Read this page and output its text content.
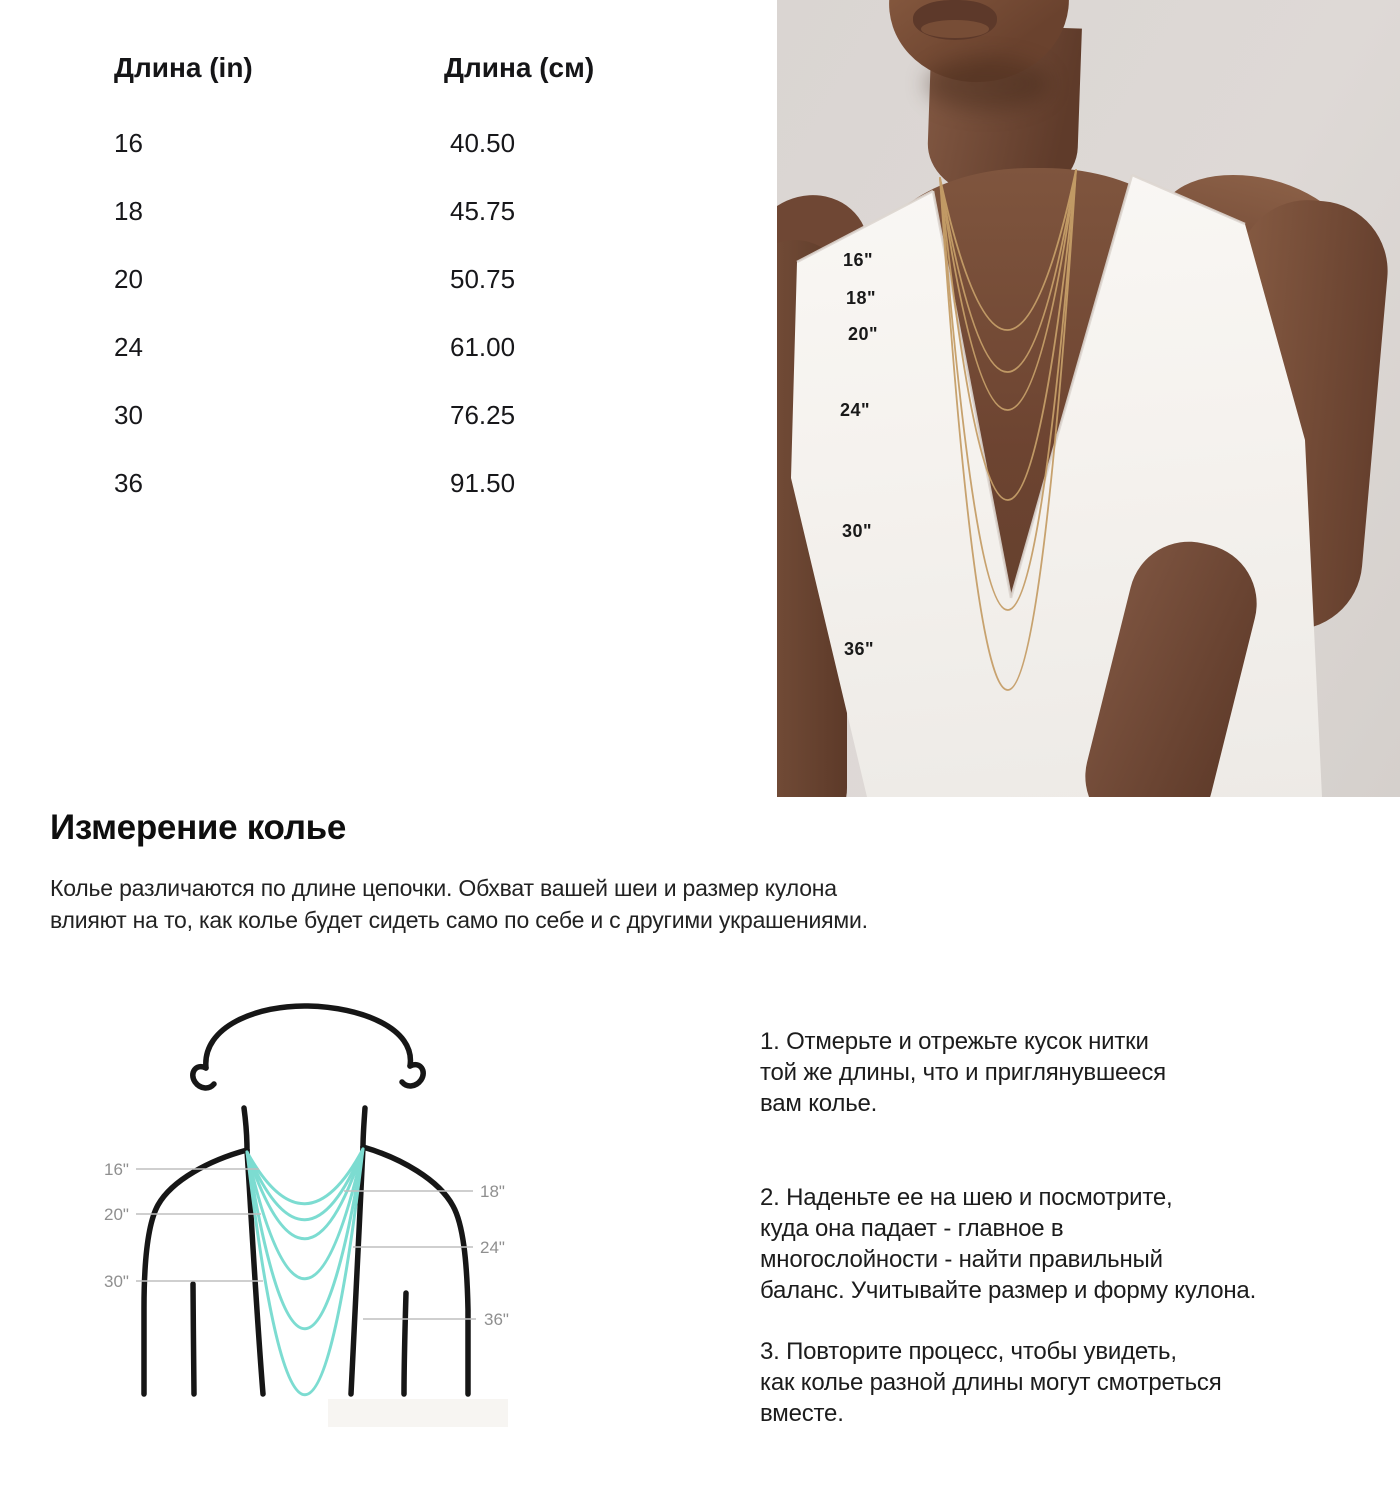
Длина (in)	Длина (см)
16	40.50
18	45.75
20	50.75
24	61.00
30	76.25
36	91.50
16"
18"
20"
24"
30"
36"
Измерение колье
Колье различаются по длине цепочки. Обхват вашей шеи и размер кулона
влияют на то, как колье будет сидеть само по себе и с другими украшениями.
16"
20"
30"
18"
24"
36"
1. Отмерьте и отрежьте кусок нитки
той же длины, что и приглянувшееся
вам колье.
2. Наденьте ее на шею и посмотрите,
куда она падает - главное в
многослойности - найти правильный
баланс. Учитывайте размер и форму кулона.
3. Повторите процесс, чтобы увидеть,
как колье разной длины могут смотреться
вместе.
